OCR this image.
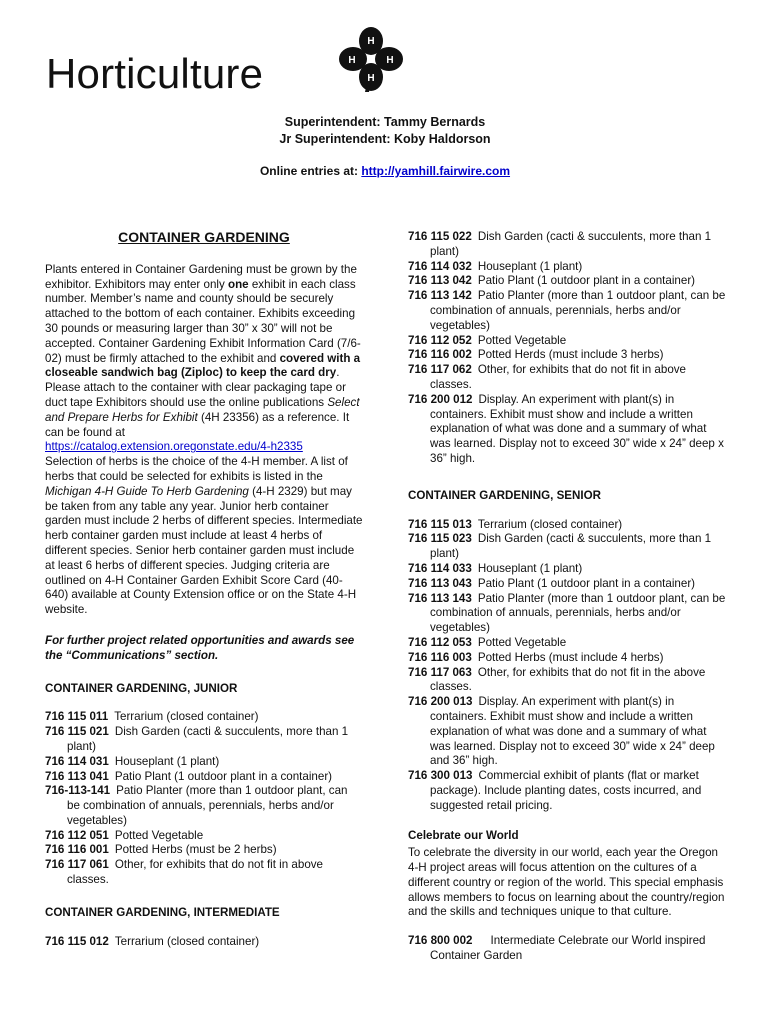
Horticulture
H
H
H	H
Superintendent: Tammy Bernards
Jr Superintendent: Koby Haldorson
Online entries at: http://yamhill.fairwire.com
CONTAINER GARDENING

Plants entered in Container Gardening must be grown by the exhibitor. Exhibitors may enter only one exhibit in each class number. Member’s name and county should be securely attached to the bottom of each container. Exhibits exceeding 30 pounds or measuring larger than 30” x 30” will not be accepted. Container Gardening Exhibit Information Card (7/6-02) must be firmly attached to the exhibit and covered with a closeable sandwich bag (Ziploc) to keep the card dry. Please attach to the container with clear packaging tape or duct tape Exhibitors should use the online publications Select and Prepare Herbs for Exhibit (4H 23356) as a reference. It can be found at
https://catalog.extension.oregonstate.edu/4-h2335
Selection of herbs is the choice of the 4-H member. A list of herbs that could be selected for exhibits is listed in the Michigan 4-H Guide To Herb Gardening (4-H 2329) but may be taken from any table any year. Junior herb container garden must include 2 herbs of different species. Intermediate herb container garden must include at least 4 herbs of different species. Senior herb container garden must include at least 6 herbs of different species. Judging criteria are outlined on 4-H Container Garden Exhibit Score Card (40-640) available at County Extension office or on the State 4-H website.

For further project related opportunities and awards see the “Communications” section.
CONTAINER GARDENING, JUNIOR

716 115 011 Terrarium (closed container)

716 115 021 Dish Garden (cacti & succulents, more than 1 plant)

716 114 031 Houseplant (1 plant)

716 113 041 Patio Plant (1 outdoor plant in a container)

716-113-141 Patio Planter (more than 1 outdoor plant, can be combination of annuals, perennials, herbs and/or vegetables)

716 112 051 Potted Vegetable

716 116 001 Potted Herbs (must be 2 herbs)

716 117 061 Other, for exhibits that do not fit in above classes.

CONTAINER GARDENING, INTERMEDIATE

716 115 012 Terrarium (closed container)

716 115 022 Dish Garden (cacti & succulents, more than 1 plant)

716 114 032 Houseplant (1 plant)

716 113 042 Patio Plant (1 outdoor plant in a container)

716 113 142 Patio Planter (more than 1 outdoor plant, can be combination of annuals, perennials, herbs and/or vegetables)

716 112 052 Potted Vegetable

716 116 002 Potted Herds (must include 3 herbs)

716 117 062 Other, for exhibits that do not fit in above classes.

716 200 012 Display. An experiment with plant(s) in containers. Exhibit must show and include a written explanation of what was done and a summary of what was learned. Display not to exceed 30” wide x 24” deep x 36” high.

CONTAINER GARDENING, SENIOR

716 115 013 Terrarium (closed container)

716 115 023 Dish Garden (cacti & succulents, more than 1 plant)

716 114 033 Houseplant (1 plant)

716 113 043 Patio Plant (1 outdoor plant in a container)

716 113 143 Patio Planter (more than 1 outdoor plant, can be combination of annuals, perennials, herbs and/or vegetables)

716 112 053 Potted Vegetable

716 116 003 Potted Herbs (must include 4 herbs)

716 117 063 Other, for exhibits that do not fit in the above classes.

716 200 013 Display. An experiment with plant(s) in containers. Exhibit must show and include a written explanation of what was done and a summary of what was learned. Display not to exceed 30” wide x 24” deep and 36” high.

716 300 013 Commercial exhibit of plants (flat or market package). Include planting dates, costs incurred, and suggested retail pricing.

Celebrate our World

To celebrate the diversity in our world, each year the Oregon 4-H project areas will focus attention on the cultures of a different country or region of the world. This special emphasis allows members to focus on learning about the country/region and the skills and techniques unique to that culture.

716 800 002 Intermediate Celebrate our World inspired Container Garden
